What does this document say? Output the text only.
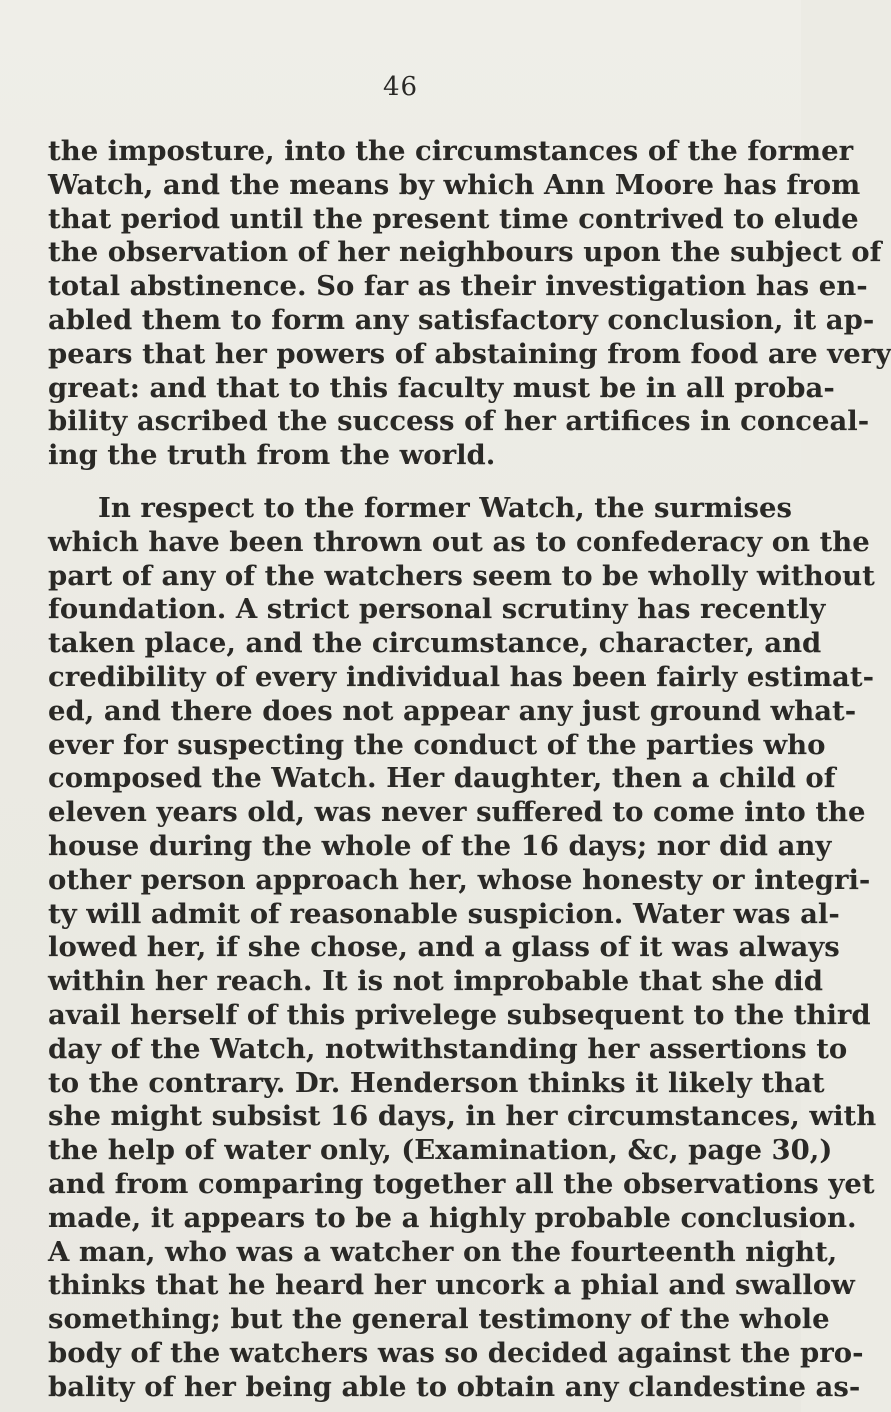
46
the imposture, into the circumstances of the former
Watch, and the means by which Ann Moore has from
that period until the present time contrived to elude
the observation of her neighbours upon the subject of
total abstinence. So far as their investigation has en-
abled them to form any satisfactory conclusion, it ap-
pears that her powers of abstaining from food are very
great: and that to this faculty must be in all proba-
bility ascribed the success of her artifices in conceal-
ing the truth from the world.
In respect to the former Watch, the surmises
which have been thrown out as to confederacy on the
part of any of the watchers seem to be wholly without
foundation. A strict personal scrutiny has recently
taken place, and the circumstance, character, and
credibility of every individual has been fairly estimat-
ed, and there does not appear any just ground what-
ever for suspecting the conduct of the parties who
composed the Watch. Her daughter, then a child of
eleven years old, was never suffered to come into the
house during the whole of the 16 days; nor did any
other person approach her, whose honesty or integri-
ty will admit of reasonable suspicion. Water was al-
lowed her, if she chose, and a glass of it was always
within her reach. It is not improbable that she did
avail herself of this privelege subsequent to the third
day of the Watch, notwithstanding her assertions to
to the contrary. Dr. Henderson thinks it likely that
she might subsist 16 days, in her circumstances, with
the help of water only, (Examination, &c, page 30,)
and from comparing together all the observations yet
made, it appears to be a highly probable conclusion.
A man, who was a watcher on the fourteenth night,
thinks that he heard her uncork a phial and swallow
something; but the general testimony of the whole
body of the watchers was so decided against the pro-
bality of her being able to obtain any clandestine as-
